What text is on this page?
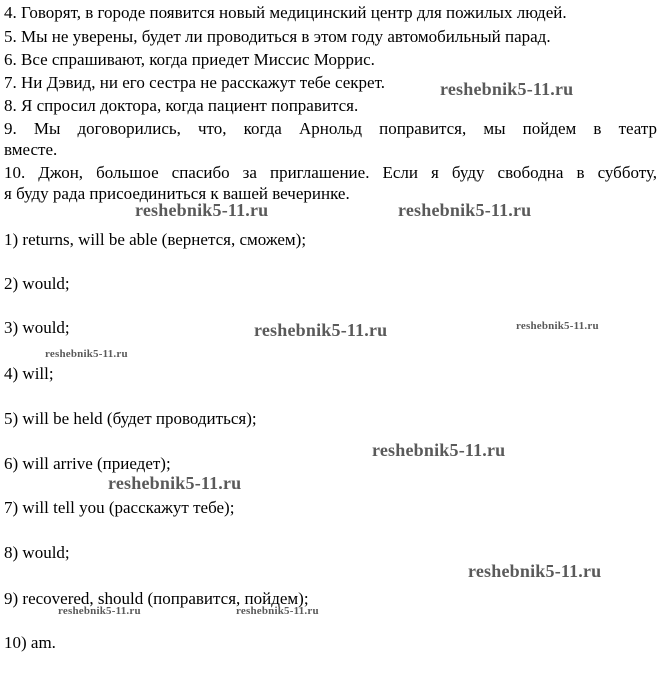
4. Говорят, в городе появится новый медицинский центр для пожилых людей.
5. Мы не уверены, будет ли проводиться в этом году автомобильный парад.
6. Все спрашивают, когда приедет Миссис Моррис.
7. Ни Дэвид, ни его сестра не расскажут тебе секрет.
8. Я спросил доктора, когда пациент поправится.
9. Мы договорились, что, когда Арнольд поправится, мы пойдем в театр
вместе.
10. Джон, большое спасибо за приглашение. Если я буду свободна в субботу,
я буду рада присоединиться к вашей вечеринке.
1) returns, will be able (вернется, сможем);
2) would;
3) would;
4) will;
5) will be held (будет проводиться);
6) will arrive (приедет);
7) will tell you (расскажут тебе);
8) would;
9) recovered, should (поправится, пойдем);
10) am.
reshebnik5-11.ru
reshebnik5-11.ru	reshebnik5-11.ru
reshebnik5-11.ru	reshebnik5-11.ru
reshebnik5-11.ru
reshebnik5-11.ru
reshebnik5-11.ru
reshebnik5-11.ru
reshebnik5-11.ru	reshebnik5-11.ru
